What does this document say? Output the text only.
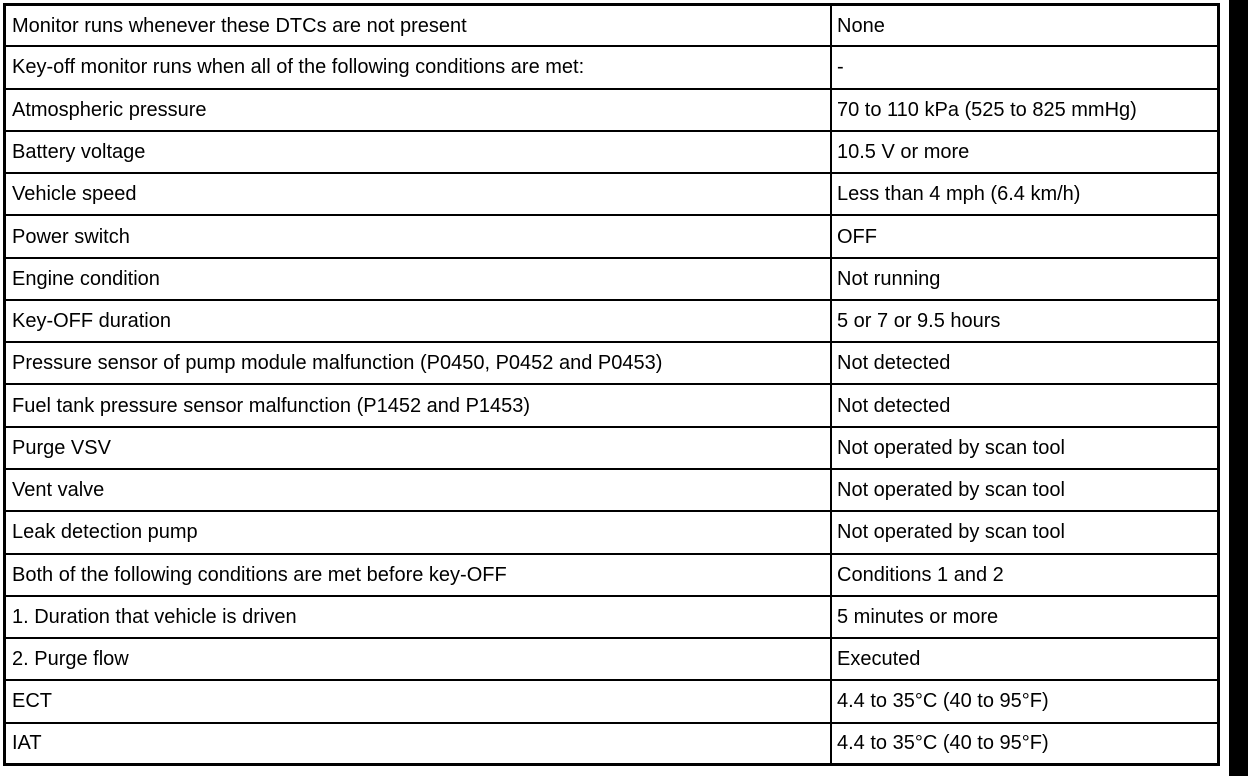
Monitor runs whenever these DTCs are not present	None
Key-off monitor runs when all of the following conditions are met:	-
Atmospheric pressure	70 to 110 kPa (525 to 825 mmHg)
Battery voltage	10.5 V or more
Vehicle speed	Less than 4 mph (6.4 km/h)
Power switch	OFF
Engine condition	Not running
Key-OFF duration	5 or 7 or 9.5 hours
Pressure sensor of pump module malfunction (P0450, P0452 and P0453)	Not detected
Fuel tank pressure sensor malfunction (P1452 and P1453)	Not detected
Purge VSV	Not operated by scan tool
Vent valve	Not operated by scan tool
Leak detection pump	Not operated by scan tool
Both of the following conditions are met before key-OFF	Conditions 1 and 2
1. Duration that vehicle is driven	5 minutes or more
2. Purge flow	Executed
ECT	4.4 to 35°C (40 to 95°F)
IAT	4.4 to 35°C (40 to 95°F)
